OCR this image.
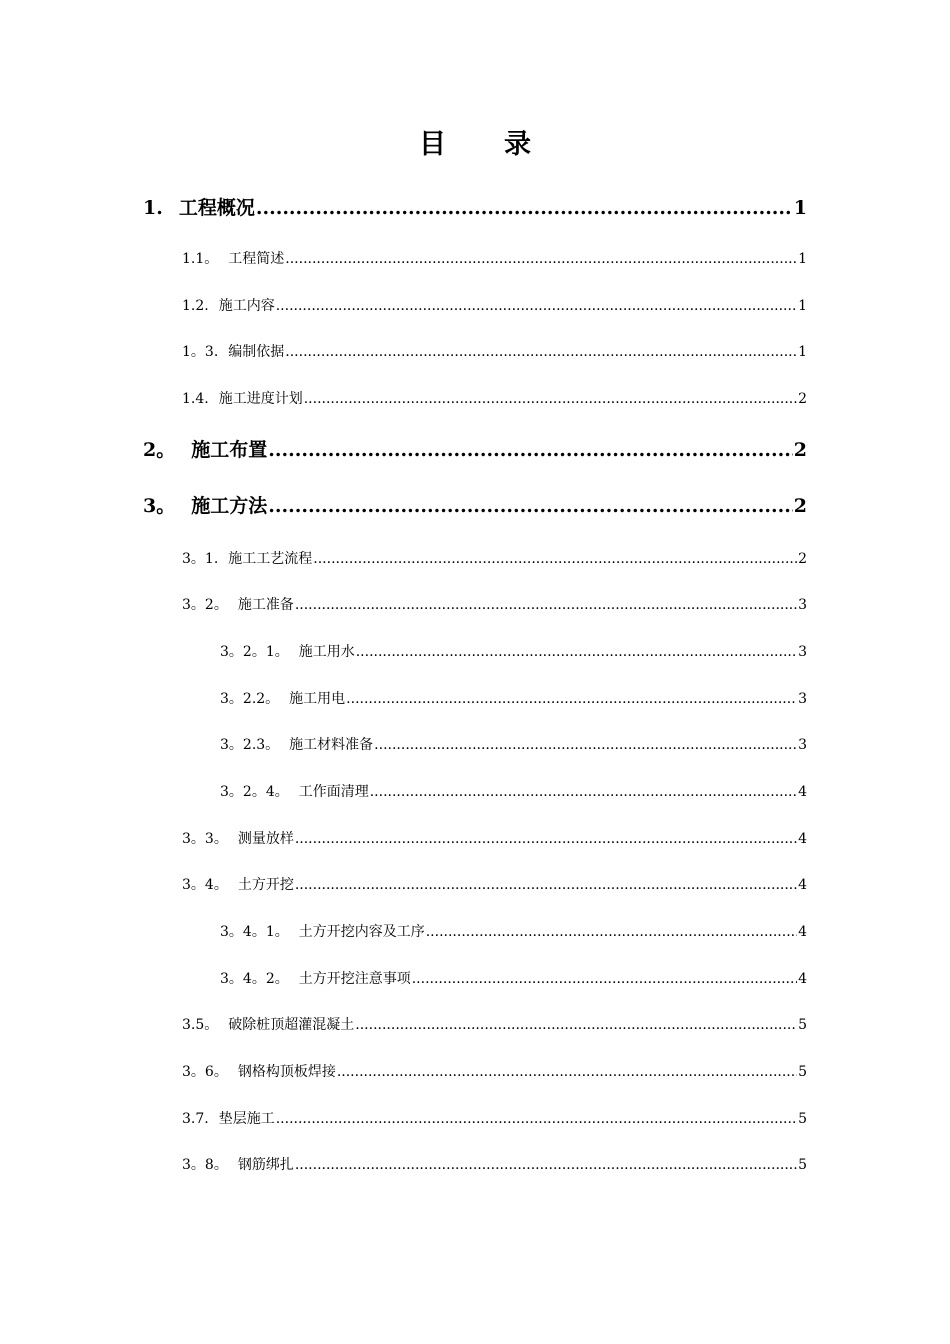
目 录
1. 工程概况 .....	1
1.1。 工程简述 .....	1
1.2. 施工内容 .....	1
1。3. 编制依据 .....	1
1.4. 施工进度计划 .....	2
2。 施工布置 .....	2
3。 施工方法 .....	2
3。1. 施工工艺流程 .....	2
3。2。 施工准备 .....	3
3。2。1。 施工用水 .....	3
3。2.2。 施工用电 .....	3
3。2.3。 施工材料准备 .....	3
3。2。4。 工作面清理 .....	4
3。3。 测量放样 .....	4
3。4。 土方开挖 .....	4
3。4。1。 土方开挖内容及工序 .....	4
3。4。2。 土方开挖注意事项 .....	4
3.5。 破除桩顶超灌混凝土 .....	5
3。6。 钢格构顶板焊接 .....	5
3.7. 垫层施工 .....	5
3。8。 钢筋绑扎 .....	5
